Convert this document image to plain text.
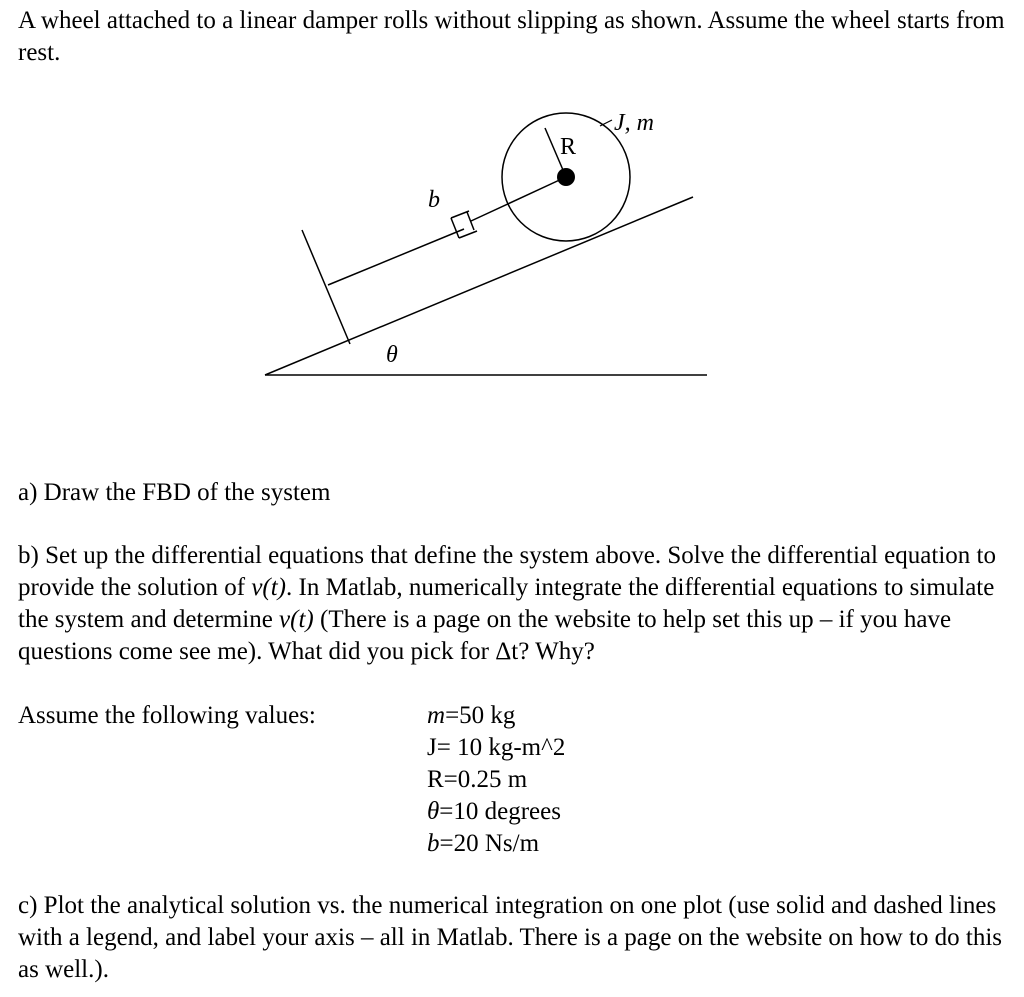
A wheel attached to a linear damper rolls without slipping as shown. Assume the wheel starts from rest.

R
J, m
b
θ

a) Draw the FBD of the system

b) Set up the differential equations that define the system above. Solve the differential equation to provide the solution of v(t). In Matlab, numerically integrate the differential equations to simulate the system and determine v(t) (There is a page on the website to help set this up – if you have questions come see me). What did you pick for Δt? Why?

Assume the following values:	m=50 kg
J= 10 kg-m^2
R=0.25 m
θ=10 degrees
b=20 Ns/m

c) Plot the analytical solution vs. the numerical integration on one plot (use solid and dashed lines with a legend, and label your axis – all in Matlab. There is a page on the website on how to do this as well.).
